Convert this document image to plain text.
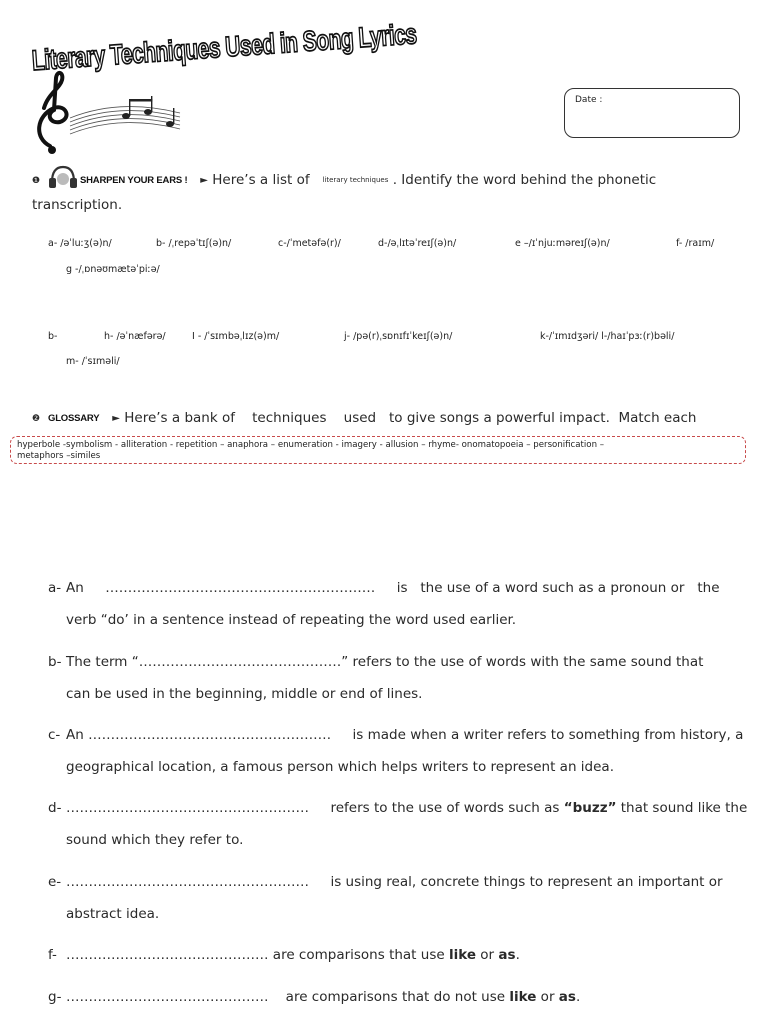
Literary Techniques Used in Song Lyrics
Date :
❶	SHARPEN YOUR EARS ! ► Here’s a list of literary techniques . Identify the word behind the phonetic
transcription.
a- /əˈluːʒ(ə)n/	b- /ˌrepəˈtɪʃ(ə)n/	c-/ˈmetəfə(r)/	d-/əˌlɪtəˈreɪʃ(ə)n/	e –/ɪˈnjuːməreɪʃ(ə)n/	f- /raɪm/
g -/ˌɒnəʊmætəˈpiːə/
b-	h- /əˈnæfərə/	I - /ˈsɪmbəˌlɪz(ə)m/	j- /pə(r)ˌsɒnɪfɪˈkeɪʃ(ə)n/	k-/ˈɪmɪdʒəri/ l-/haɪˈpɜː(r)bəli/
m- /ˈsɪməli/
❷ GLOSSARY ► Here’s a bank of    techniques    used   to give songs a powerful impact.  Match each
hyperbole -symbolism - alliteration - repetition – anaphora – enumeration - imagery - allusion – rhyme- onomatopoeia – personification –
metaphors –similes
a- An     ……………………………………………………     is   the use of a word such as a pronoun or   the
verb “do’ in a sentence instead of repeating the word used earlier.
b- The term “………………………………………” refers to the use of words with the same sound that
can be used in the beginning, middle or end of lines.
c- An ………………………………………………     is made when a writer refers to something from history, a
geographical location, a famous person which helps writers to represent an idea.
d- ………………………………………………     refers to the use of words such as “buzz” that sound like the
sound which they refer to.
e- ………………………………………………     is using real, concrete things to represent an important or
abstract idea.
f- ……………………………………… are comparisons that use like or as.
g- ………………………………………    are comparisons that do not use like or as.
